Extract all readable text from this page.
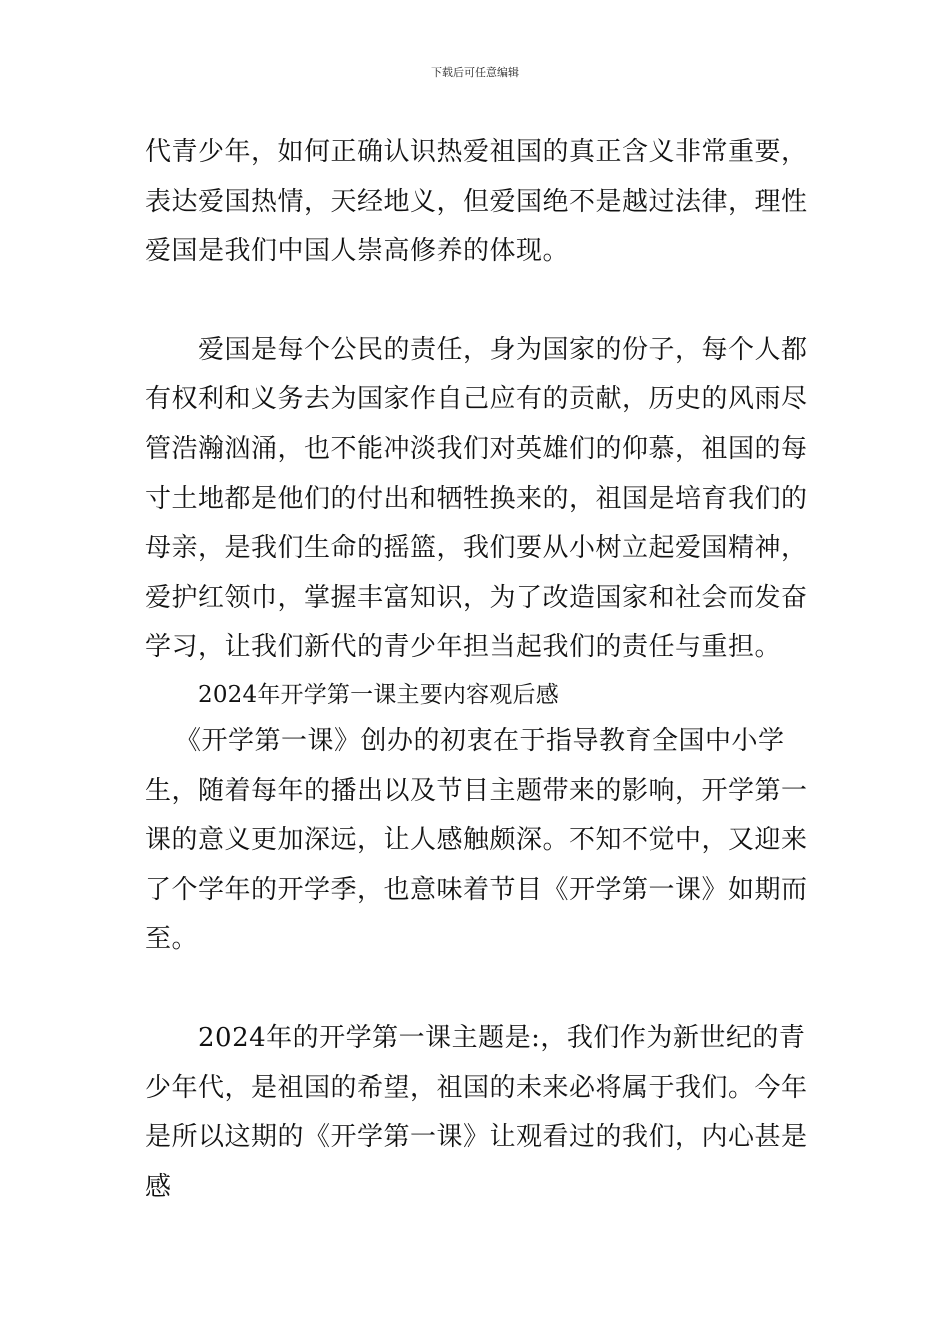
下载后可任意编辑

代青少年，如何正确认识热爱祖国的真正含义非常重要，表达爱国热情，天经地义，但爱国绝不是越过法律，理性爱国是我们中国人崇高修养的体现。

爱国是每个公民的责任，身为国家的份子，每个人都有权利和义务去为国家作自己应有的贡献，历史的风雨尽管浩瀚汹涌，也不能冲淡我们对英雄们的仰慕，祖国的每寸土地都是他们的付出和牺牲换来的，祖国是培育我们的母亲，是我们生命的摇篮，我们要从小树立起爱国精神，爱护红领巾，掌握丰富知识，为了改造国家和社会而发奋学习，让我们新代的青少年担当起我们的责任与重担。

2024年开学第一课主要内容观后感

《开学第一课》创办的初衷在于指导教育全国中小学生，随着每年的播出以及节目主题带来的影响，开学第一课的意义更加深远，让人感触颇深。不知不觉中，又迎来了个学年的开学季，也意味着节目《开学第一课》如期而至。

2024年的开学第一课主题是:，我们作为新世纪的青少年代，是祖国的希望，祖国的未来必将属于我们。今年是所以这期的《开学第一课》让观看过的我们，内心甚是感
